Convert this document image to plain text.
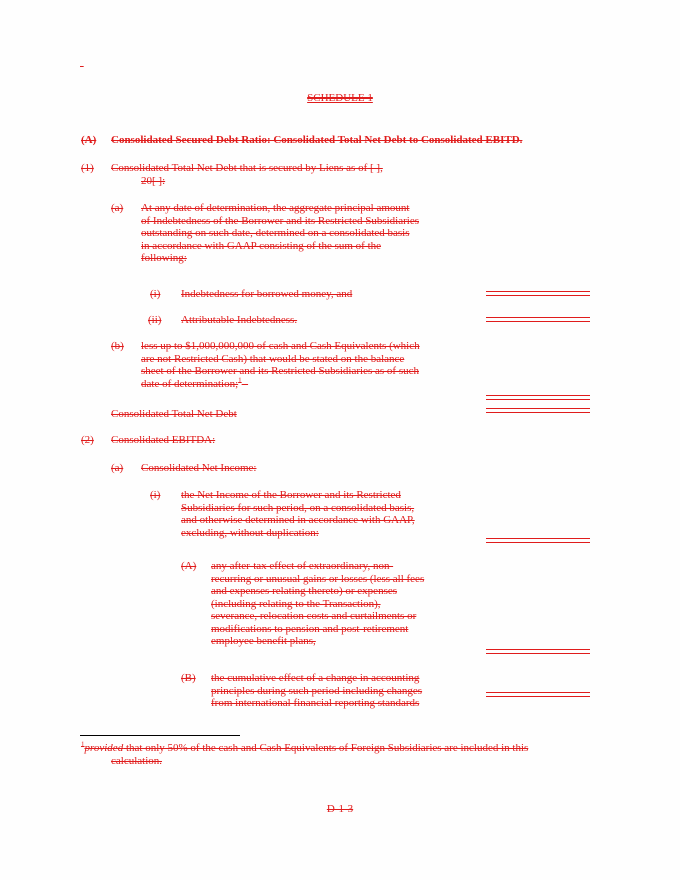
-
SCHEDULE 1
(A) Consolidated Secured Debt Ratio: Consolidated Total Net Debt to Consolidated EBITD.
(1) Consolidated Total Net Debt that is secured by Liens as of [ ],
20[ ]:
(a) At any date of determination, the aggregate principal amount
of Indebtedness of the Borrower and its Restricted Subsidiaries
outstanding on such date, determined on a consolidated basis
in accordance with GAAP consisting of the sum of the
following:
(i) Indebtedness for borrowed money, and
(ii) Attributable Indebtedness.
(b) less up to $1,000,000,000 of cash and Cash Equivalents (which
are not Restricted Cash) that would be stated on the balance
sheet of the Borrower and its Restricted Subsidiaries as of such
date of determination;$^1$ -
Consolidated Total Net Debt
(2) Consolidated EBITDA:
(a) Consolidated Net Income:
(i) the Net Income of the Borrower and its Restricted
Subsidiaries for such period, on a consolidated basis,
and otherwise determined in accordance with GAAP,
excluding, without duplication:
(A) any after-tax effect of extraordinary, non-
recurring or unusual gains or losses (less all fees
and expenses relating thereto) or expenses
(including relating to the Transaction),
severance, relocation costs and curtailments or
modifications to pension and post-retirement
employee benefit plans,
(B) the cumulative effect of a change in accounting
principles during such period including changes
from international financial reporting standards
$^1$provided that only 50% of the cash and Cash Equivalents of Foreign Subsidiaries are included in this
calculation.
D-1-3
